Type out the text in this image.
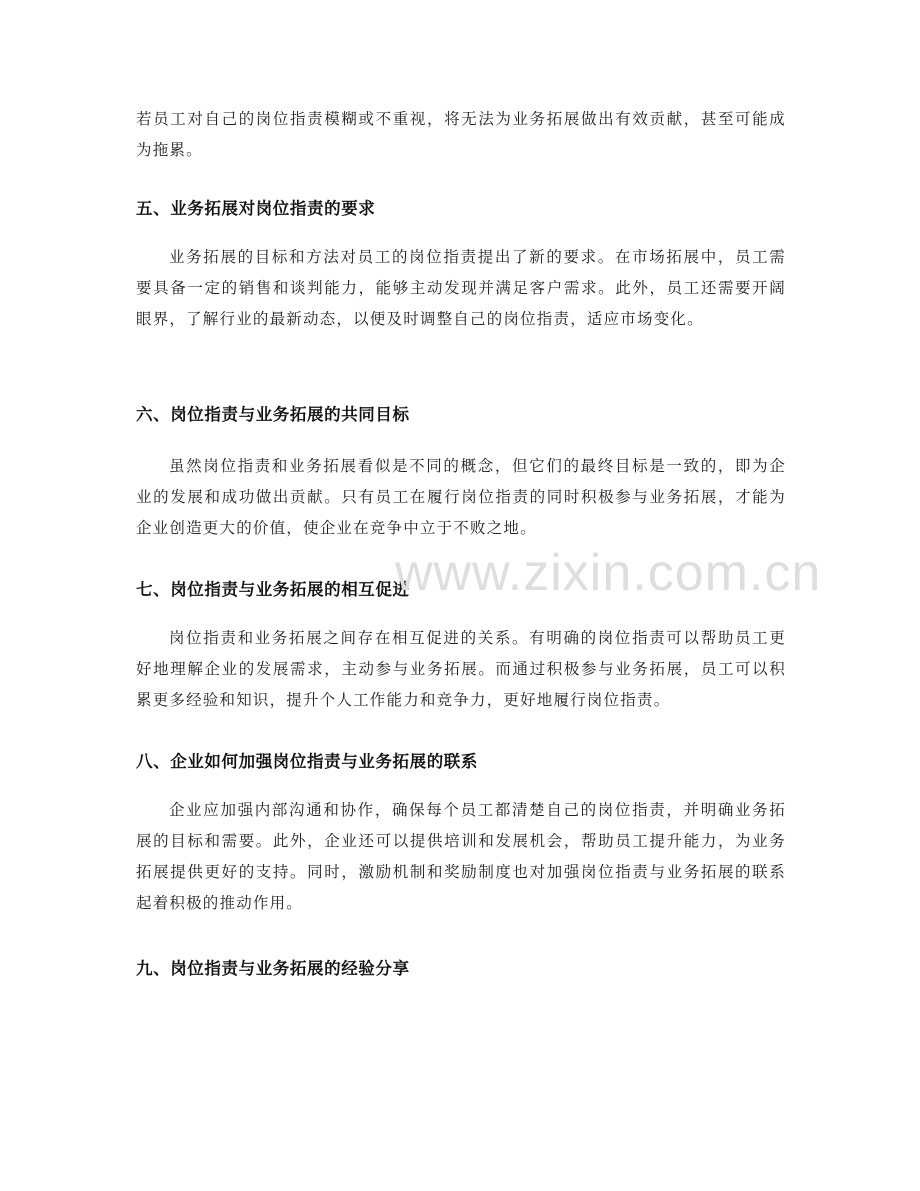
若员工对自己的岗位指责模糊或不重视，将无法为业务拓展做出有效贡献，甚至可能成为拖累。

五、业务拓展对岗位指责的要求

业务拓展的目标和方法对员工的岗位指责提出了新的要求。在市场拓展中，员工需要具备一定的销售和谈判能力，能够主动发现并满足客户需求。此外，员工还需要开阔眼界，了解行业的最新动态，以便及时调整自己的岗位指责，适应市场变化。

六、岗位指责与业务拓展的共同目标

虽然岗位指责和业务拓展看似是不同的概念，但它们的最终目标是一致的，即为企业的发展和成功做出贡献。只有员工在履行岗位指责的同时积极参与业务拓展，才能为企业创造更大的价值，使企业在竞争中立于不败之地。

七、岗位指责与业务拓展的相互促进

岗位指责和业务拓展之间存在相互促进的关系。有明确的岗位指责可以帮助员工更好地理解企业的发展需求，主动参与业务拓展。而通过积极参与业务拓展，员工可以积累更多经验和知识，提升个人工作能力和竞争力，更好地履行岗位指责。

八、企业如何加强岗位指责与业务拓展的联系

企业应加强内部沟通和协作，确保每个员工都清楚自己的岗位指责，并明确业务拓展的目标和需要。此外，企业还可以提供培训和发展机会，帮助员工提升能力，为业务拓展提供更好的支持。同时，激励机制和奖励制度也对加强岗位指责与业务拓展的联系起着积极的推动作用。

九、岗位指责与业务拓展的经验分享
www.zixin.com.cn
